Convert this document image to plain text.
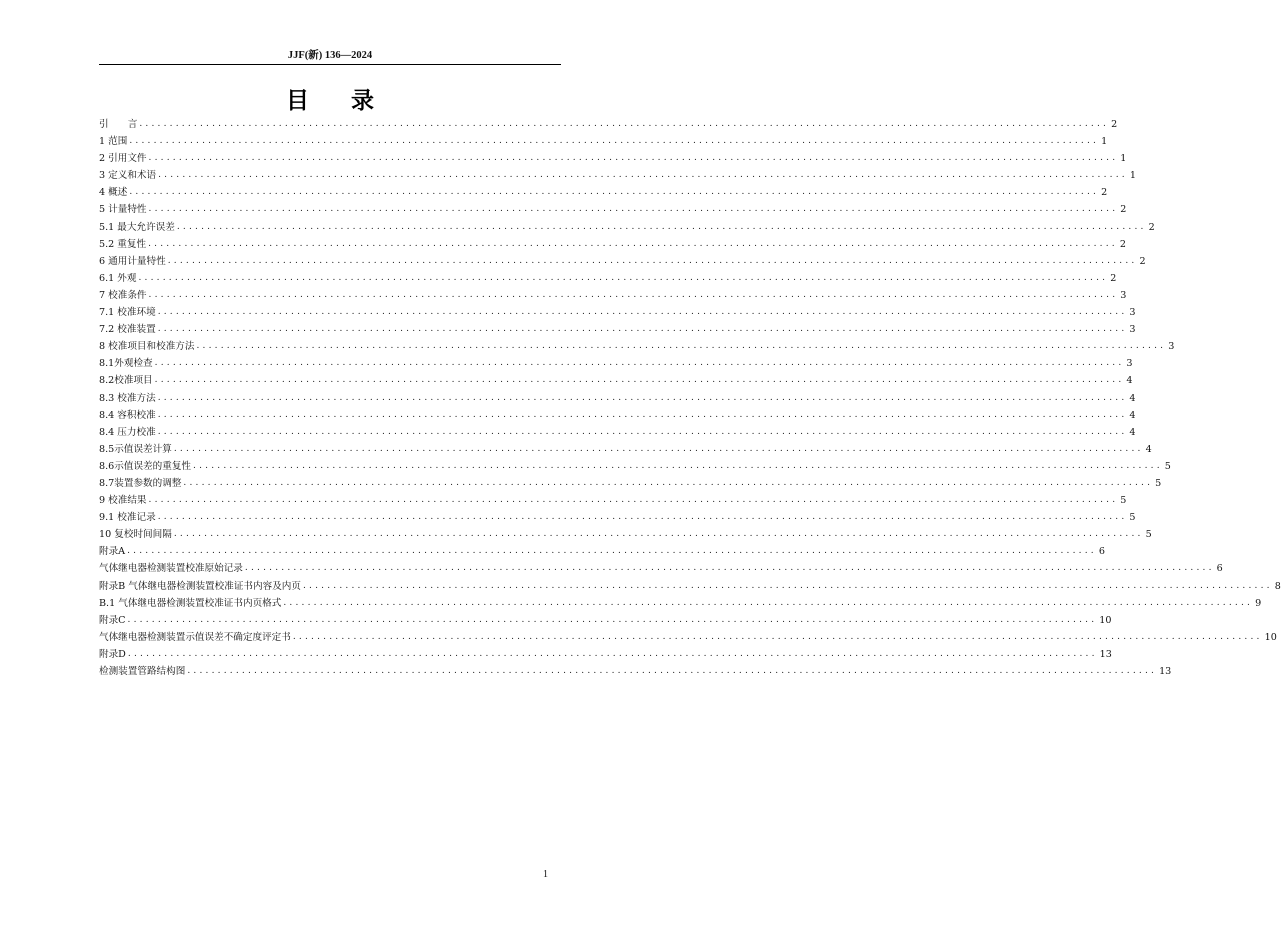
JJF(新) 136—2024
目录
引　　言 ................................................................................................................................................................ 2
1 范围 ................................................................................................................................................................ 1
2 引用文件 ................................................................................................................................................................ 1
3 定义和术语 ................................................................................................................................................................ 1
4 概述 ................................................................................................................................................................ 2
5 计量特性 ................................................................................................................................................................ 2
5.1 最大允许误差 ................................................................................................................................................................ 2
5.2 重复性 ................................................................................................................................................................ 2
6 通用计量特性 ................................................................................................................................................................ 2
6.1 外观 ................................................................................................................................................................ 2
7 校准条件 ................................................................................................................................................................ 3
7.1 校准环境 ................................................................................................................................................................ 3
7.2 校准装置 ................................................................................................................................................................ 3
8 校准项目和校准方法 ................................................................................................................................................................ 3
8.1外观检查 ................................................................................................................................................................ 3
8.2校准项目 ................................................................................................................................................................ 4
8.3 校准方法 ................................................................................................................................................................ 4
8.4 容积校准 ................................................................................................................................................................ 4
8.4 压力校准 ................................................................................................................................................................ 4
8.5示值误差计算 ................................................................................................................................................................ 4
8.6示值误差的重复性 ................................................................................................................................................................ 5
8.7装置参数的调整 ................................................................................................................................................................ 5
9 校准结果 ................................................................................................................................................................ 5
9.1 校准记录 ................................................................................................................................................................ 5
10 复校时间间隔 ................................................................................................................................................................ 5
附录A ................................................................................................................................................................ 6
气体继电器检测装置校准原始记录 ................................................................................................................................................................ 6
附录B 气体继电器检测装置校准证书内容及内页 ................................................................................................................................................................ 8
B.1 气体继电器检测装置校准证书内页格式 ................................................................................................................................................................ 9
附录C ................................................................................................................................................................ 10
气体继电器检测装置示值误差不确定度评定书 ................................................................................................................................................................ 10
附录D ................................................................................................................................................................ 13
检测装置管路结构图 ................................................................................................................................................................ 13
1
